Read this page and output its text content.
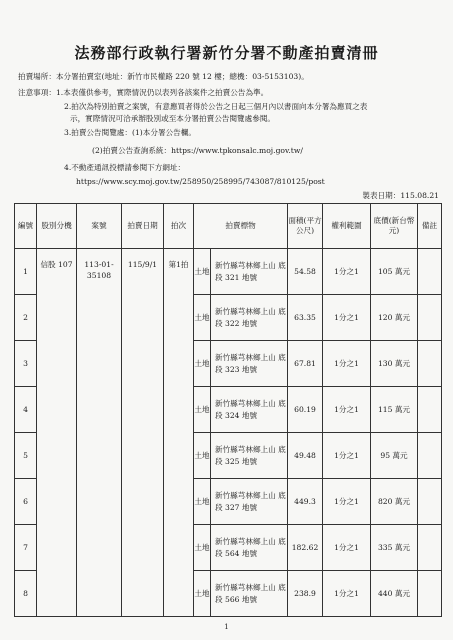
法務部行政執行署新竹分署不動產拍賣清冊
拍賣場所：本分署拍賣室(地址：新竹市民權路 220 號 12 樓；總機：03-5153103)。
注意事項：1.本表僅供參考，實際情況仍以表列各該案件之拍賣公告為準。
2.拍次為特別拍賣之案號，有意應買者得於公告之日起三個月內以書面向本分署為應買之表
示，實際情況可洽承辦股別或至本分署拍賣公告閱覽處參閱。
3.拍賣公告閱覽處：(1)本分署公告欄。
(2)拍賣公告查詢系統：https://www.tpkonsalc.moj.gov.tw/
4.不動產通訊投標請參閱下方網址：
https://www.scy.moj.gov.tw/258950/258995/743087/810125/post
製表日期：115.08.21
編號	股別分機	案號	拍賣日期	拍次	拍賣標物		面積(平方公尺)	權利範圍	底價(新台幣元)	備註
1	信股 107	113-01-35108	115/9/1	第1拍	土地	新竹縣芎林鄉上山 底段 321 地號	54.58	1分之1	105 萬元	
2					土地	新竹縣芎林鄉上山 底段 322 地號	63.35	1分之1	120 萬元	
3					土地	新竹縣芎林鄉上山 底段 323 地號	67.81	1分之1	130 萬元	
4					土地	新竹縣芎林鄉上山 底段 324 地號	60.19	1分之1	115 萬元	
5					土地	新竹縣芎林鄉上山 底段 325 地號	49.48	1分之1	95 萬元	
6					土地	新竹縣芎林鄉上山 底段 327 地號	449.3	1分之1	820 萬元	
7					土地	新竹縣芎林鄉上山 底段 564 地號	182.62	1分之1	335 萬元	
8					土地	新竹縣芎林鄉上山 底段 566 地號	238.9	1分之1	440 萬元	
1
